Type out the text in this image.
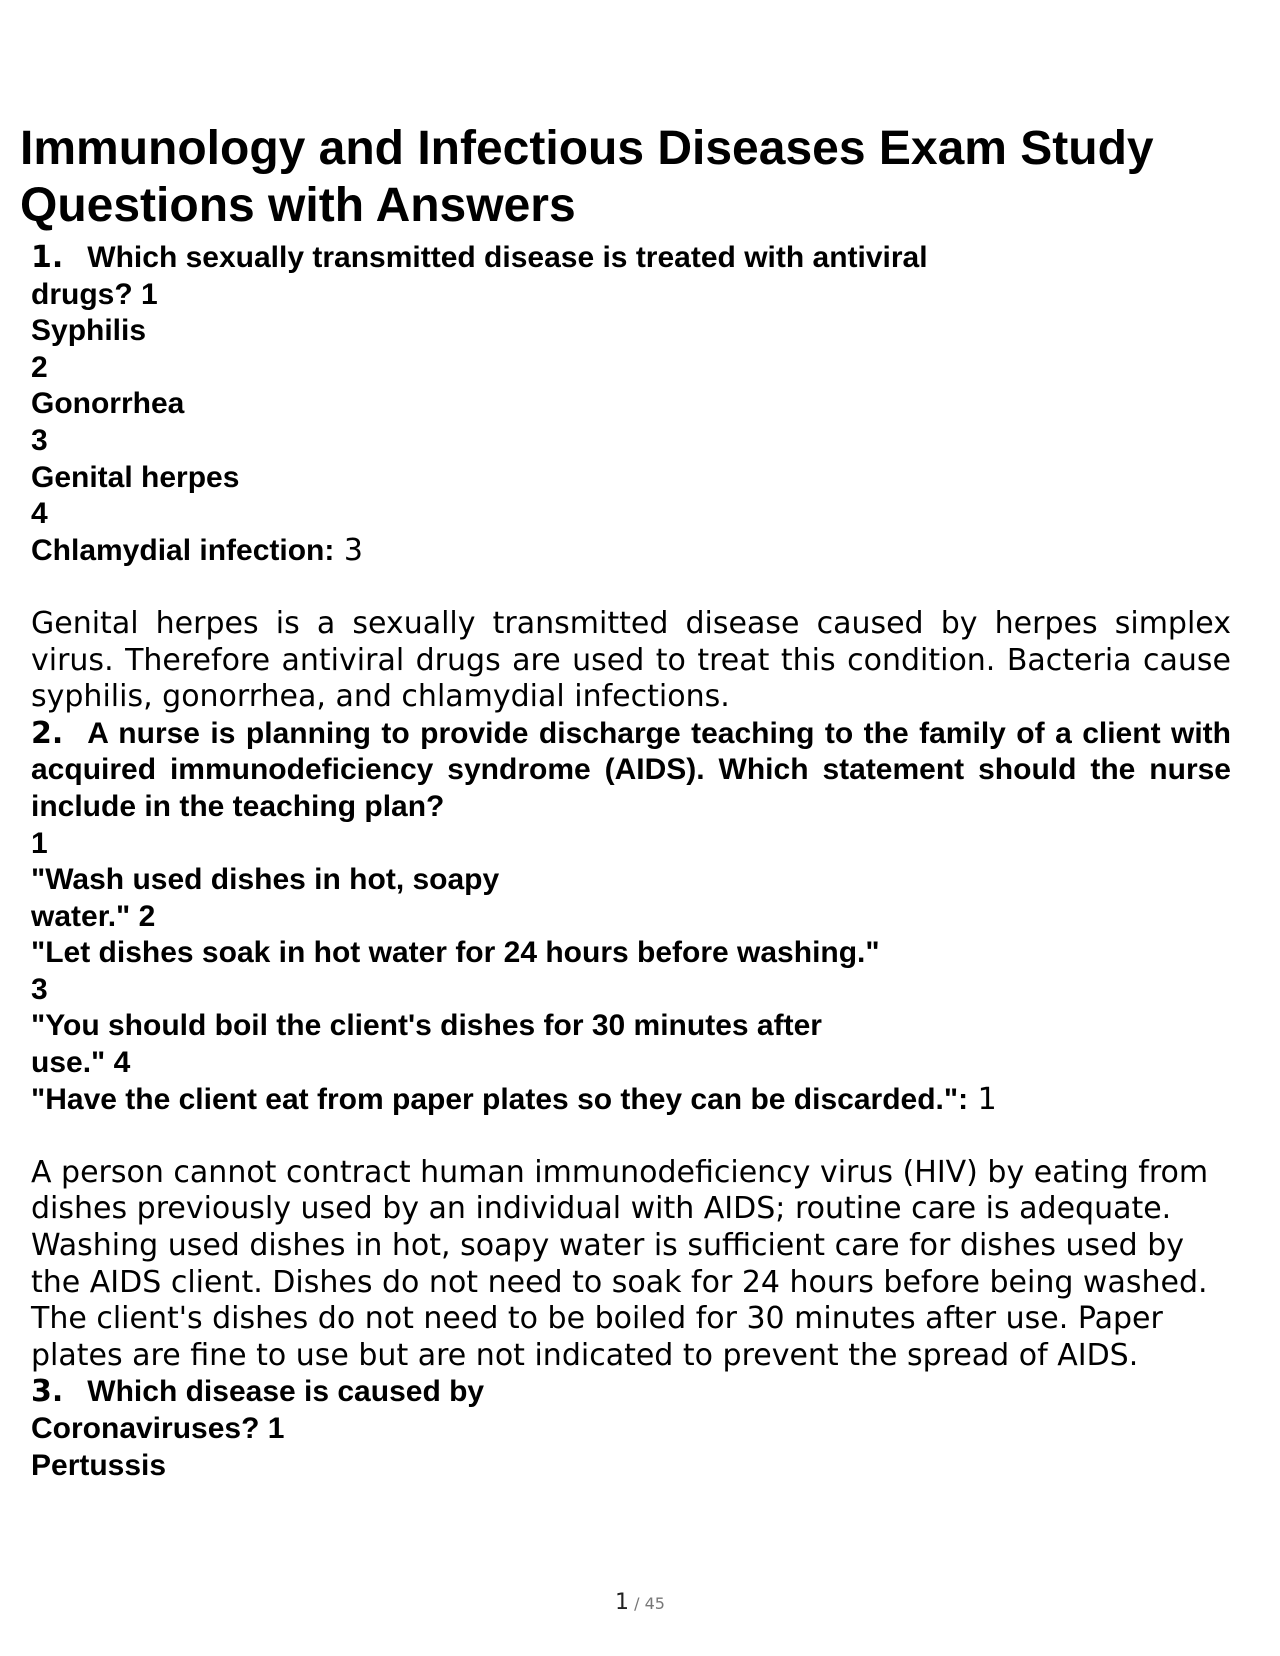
Immunology and Infectious Diseases Exam Study Questions with Answers
1. Which sexually transmitted disease is treated with antiviral
drugs? 1
Syphilis
2
Gonorrhea
3
Genital herpes
4
Chlamydial infection: 3
Genital herpes is a sexually transmitted disease caused by herpes simplex virus. Therefore antiviral drugs are used to treat this condition. Bacteria cause syphilis, gonorrhea, and chlamydial infections.
2. A nurse is planning to provide discharge teaching to the family of a client with acquired immunodeficiency syndrome (AIDS). Which statement should the nurse include in the teaching plan?
1
"Wash used dishes in hot, soapy
water." 2
"Let dishes soak in hot water for 24 hours before washing."
3
"You should boil the client's dishes for 30 minutes after
use." 4
"Have the client eat from paper plates so they can be discarded.": 1
A person cannot contract human immunodeficiency virus (HIV) by eating from dishes previously used by an individual with AIDS; routine care is adequate. Washing used dishes in hot, soapy water is sufficient care for dishes used by the AIDS client. Dishes do not need to soak for 24 hours before being washed. The client's dishes do not need to be boiled for 30 minutes after use. Paper plates are fine to use but are not indicated to prevent the spread of AIDS.
3. Which disease is caused by
Coronaviruses? 1
Pertussis
1 / 45
